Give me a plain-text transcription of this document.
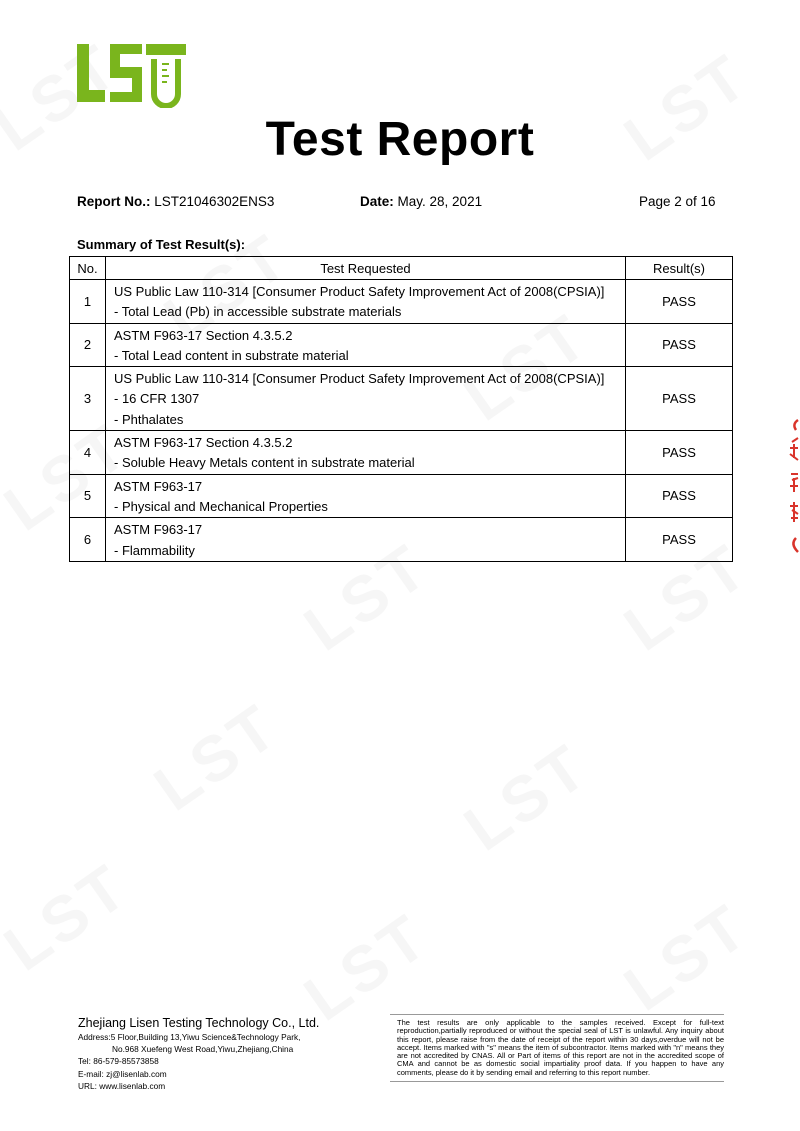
Test Report
Report No.: LST21046302ENS3	Date: May. 28, 2021	Page 2 of 16
Summary of Test Result(s):
No.	Test Requested	Result(s)
1	US Public Law 110-314 [Consumer Product Safety Improvement Act of 2008(CPSIA)]
- Total Lead (Pb) in accessible substrate materials	PASS
2	ASTM F963-17 Section 4.3.5.2
- Total Lead content in substrate material	PASS
3	US Public Law 110-314 [Consumer Product Safety Improvement Act of 2008(CPSIA)]
- 16 CFR 1307
- Phthalates	PASS
4	ASTM F963-17 Section 4.3.5.2
- Soluble Heavy Metals content in substrate material	PASS
5	ASTM F963-17
- Physical and Mechanical Properties	PASS
6	ASTM F963-17
- Flammability	PASS
Zhejiang Lisen Testing Technology Co., Ltd.
Address:5 Floor,Building 13,Yiwu Science&Technology Park,
No.968 Xuefeng West Road,Yiwu,Zhejiang,China
Tel: 86-579-85573858
E-mail: zj@lisenlab.com
URL: www.lisenlab.com
The test results are only applicable to the samples received. Except for full-text reproduction,partially reproduced or without the special seal of LST is unlawful. Any inquiry about this report, please raise from the date of receipt of the report within 30 days,overdue will not be accept. Items marked with "s" means the item of subcontractor. Items marked with "n" means they are not accredited by CNAS. All or Part of items of this report are not in the accredited scope of CMA and cannot be as domestic social impartiality proof data. If you happen to have any comments, please do it by sending email and referring to this report number.
